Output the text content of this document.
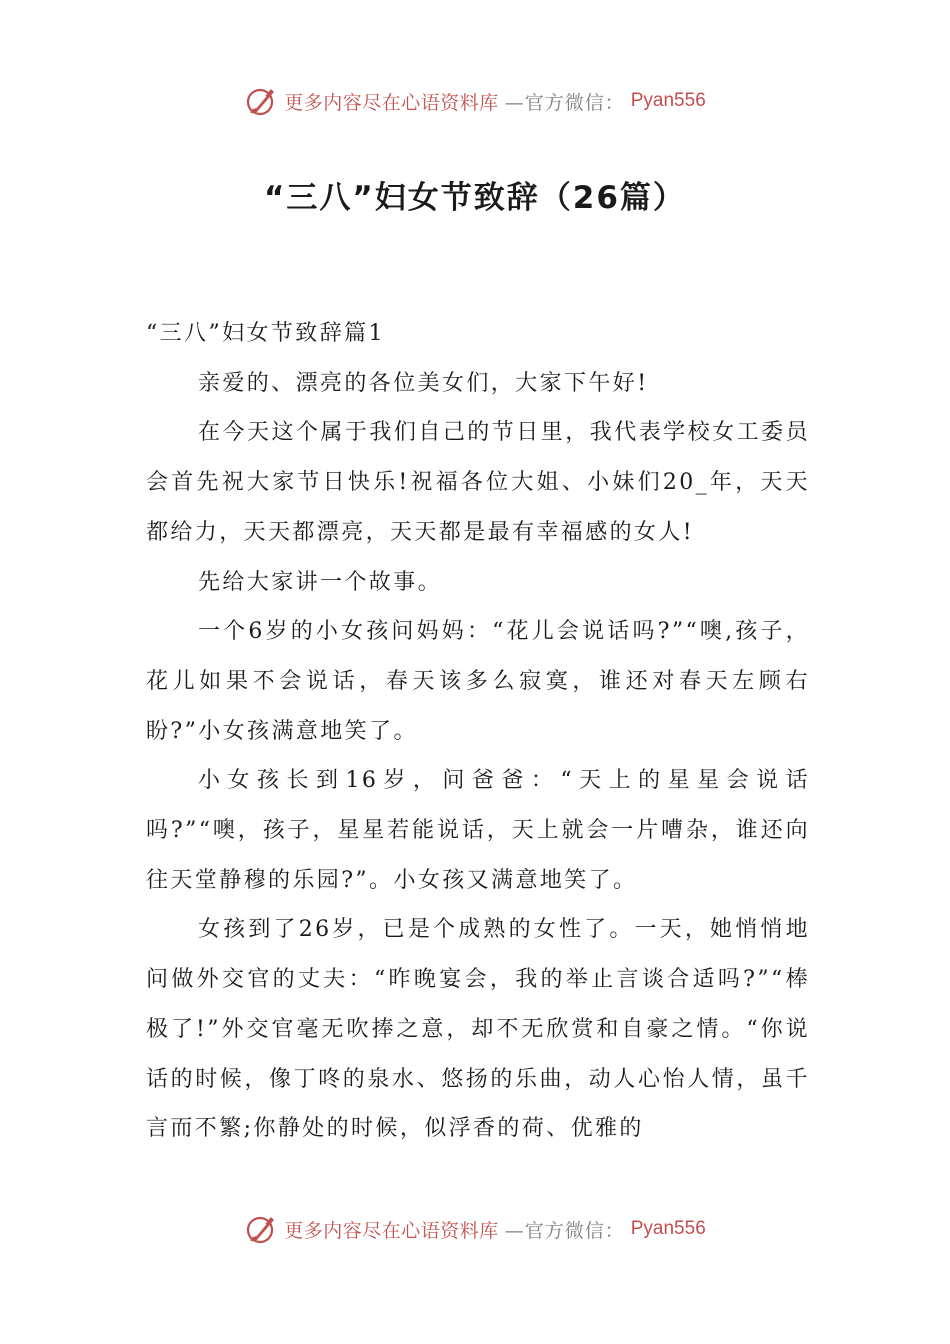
更多内容尽在心语资料库 —官方微信： Pyan556
“三八”妇女节致辞（26篇）

“三八”妇女节致辞篇1

亲爱的、漂亮的各位美女们，大家下午好!

在今天这个属于我们自己的节日里，我代表学校女工委员会首先祝大家节日快乐!祝福各位大姐、小妹们20_年，天天都给力，天天都漂亮，天天都是最有幸福感的女人!

先给大家讲一个故事。

一个6岁的小女孩问妈妈：“花儿会说话吗?”“噢,孩子，花儿如果不会说话，春天该多么寂寞，谁还对春天左顾右盼?”小女孩满意地笑了。

小女孩长到16岁，问爸爸：“天上的星星会说话吗?”“噢，孩子，星星若能说话，天上就会一片嘈杂，谁还向往天堂静穆的乐园?”。小女孩又满意地笑了。

女孩到了26岁，已是个成熟的女性了。一天，她悄悄地问做外交官的丈夫：“昨晚宴会，我的举止言谈合适吗?”“棒极了!”外交官毫无吹捧之意，却不无欣赏和自豪之情。“你说话的时候，像丁咚的泉水、悠扬的乐曲，动人心怡人情，虽千言而不繁;你静处的时候，似浮香的荷、优雅的

更多内容尽在心语资料库 —官方微信： Pyan556
